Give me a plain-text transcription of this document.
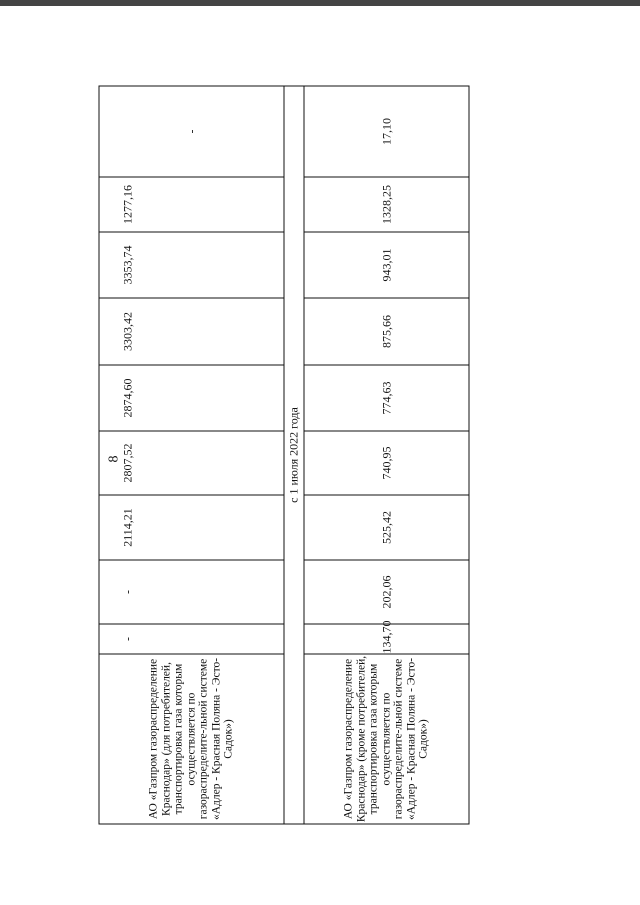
8
АО «Газпром газораспределение Краснодар» (для потребителей, транспортировка газа которым осуществляется по газораспределите-льной системе «Адлер - Красная Поляна - Эсто-Садок»)	-	-	2114,21	2807,52	2874,60	3303,42	3353,74	1277,16	-
с 1 июля 2022 года									
АО «Газпром газораспределение Краснодар» (кроме потребителей, транспортировка газа которым осуществляется по газораспределите-льной системе «Адлер - Красная Поляна - Эсто-Садок»)	134,70	202,06	525,42	740,95	774,63	875,66	943,01	1328,25	17,10
